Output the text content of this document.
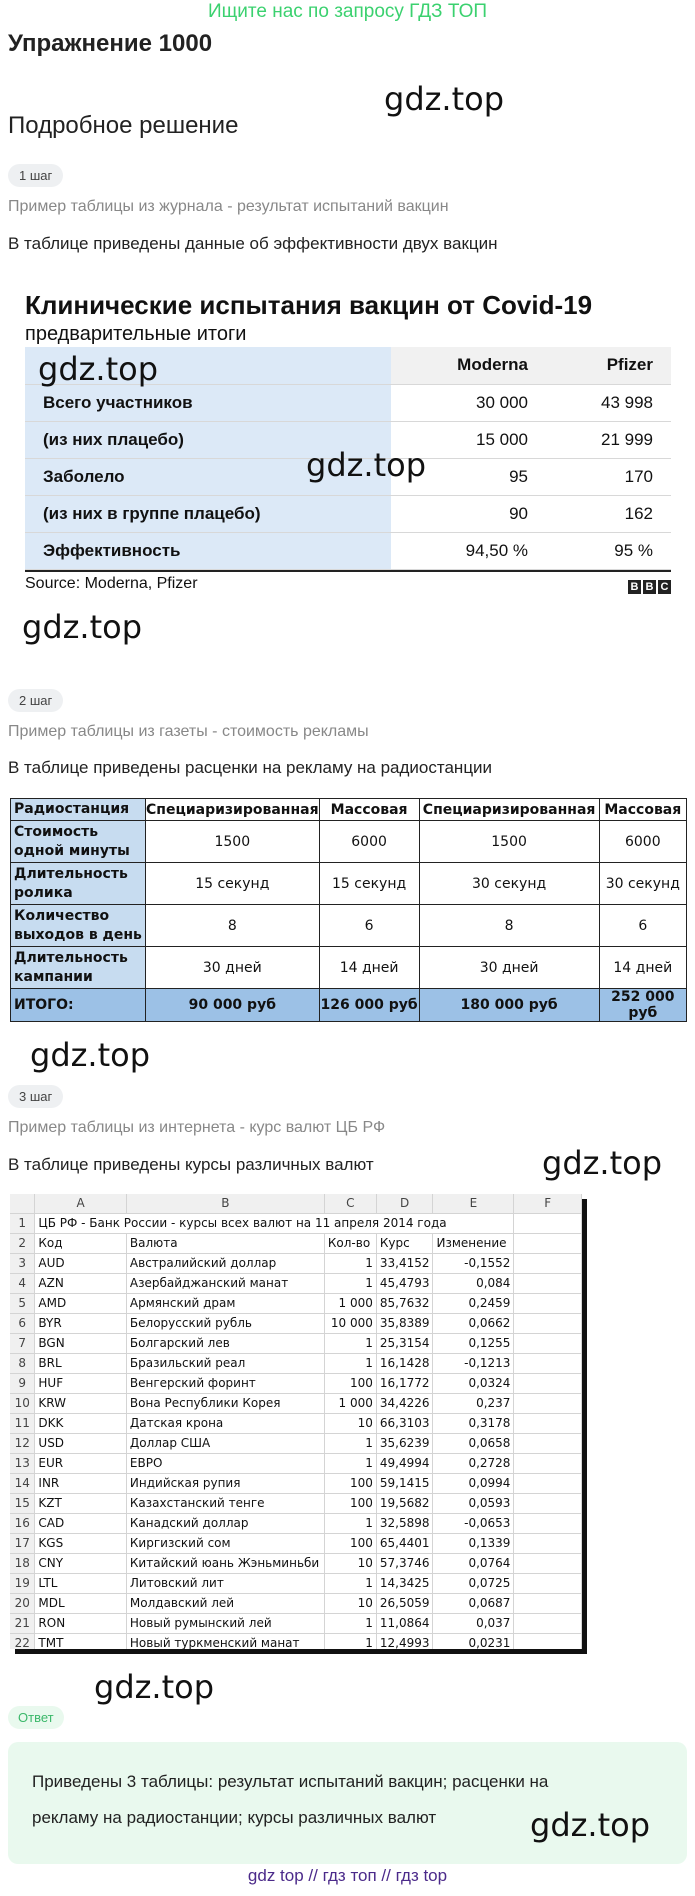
Ищите нас по запросу ГДЗ ТОП
Упражнение 1000
gdz.top
Подробное решение
1 шаг
Пример таблицы из журнала - результат испытаний вакцин
В таблице приведены данные об эффективности двух вакцин
Клинические испытания вакцин от Covid-19
предварительные итоги
	Moderna	Pfizer
Всего участников	30 000	43 998
(из них плацебо)	15 000	21 999
Заболело	95	170
(из них в группе плацебо)	90	162
Эффективность	94,50 %	95 %
Source: Moderna, Pfizer	B B C
gdz.top
gdz.top
gdz.top
2 шаг
Пример таблицы из газеты - стоимость рекламы
В таблице приведены расценки на рекламу на радиостанции
Радиостанция	Специаризированная	Массовая	Специаризированная	Массовая
Стоимость одной минуты	1500	6000	1500	6000
Длительность ролика	15 секунд	15 секунд	30 секунд	30 секунд
Количество выходов в день	8	6	8	6
Длительность кампании	30 дней	14 дней	30 дней	14 дней
ИТОГО:	90 000 руб	126 000 руб	180 000 руб	252 000 руб
gdz.top
3 шаг
Пример таблицы из интернета - курс валют ЦБ РФ
В таблице приведены курсы различных валют	gdz.top
	A	B	C	D	E	F
1	ЦБ РФ - Банк России - курсы всех валют на 11 апреля 2014 года					
2	Код	Валюта	Кол-во	Курс	Изменение	
3	AUD	Австралийский доллар	1	33,4152	-0,1552	
4	AZN	Азербайджанский манат	1	45,4793	0,084	
5	AMD	Армянский драм	1 000	85,7632	0,2459	
6	BYR	Белорусский рубль	10 000	35,8389	0,0662	
7	BGN	Болгарский лев	1	25,3154	0,1255	
8	BRL	Бразильский реал	1	16,1428	-0,1213	
9	HUF	Венгерский форинт	100	16,1772	0,0324	
10	KRW	Вона Республики Корея	1 000	34,4226	0,237	
11	DKK	Датская крона	10	66,3103	0,3178	
12	USD	Доллар США	1	35,6239	0,0658	
13	EUR	ЕВРО	1	49,4994	0,2728	
14	INR	Индийская рупия	100	59,1415	0,0994	
15	KZT	Казахстанский тенге	100	19,5682	0,0593	
16	CAD	Канадский доллар	1	32,5898	-0,0653	
17	KGS	Киргизский сом	100	65,4401	0,1339	
18	CNY	Китайский юань Жэньминьби	10	57,3746	0,0764	
19	LTL	Литовский лит	1	14,3425	0,0725	
20	MDL	Молдавский лей	10	26,5059	0,0687	
21	RON	Новый румынский лей	1	11,0864	0,037	
22	TMT	Новый туркменский манат	1	12,4993	0,0231	
gdz.top
Ответ
Приведены 3 таблицы: результат испытаний вакцин; расценки на рекламу на радиостанции; курсы различных валют	gdz.top
gdz top // гдз топ // гдз top
